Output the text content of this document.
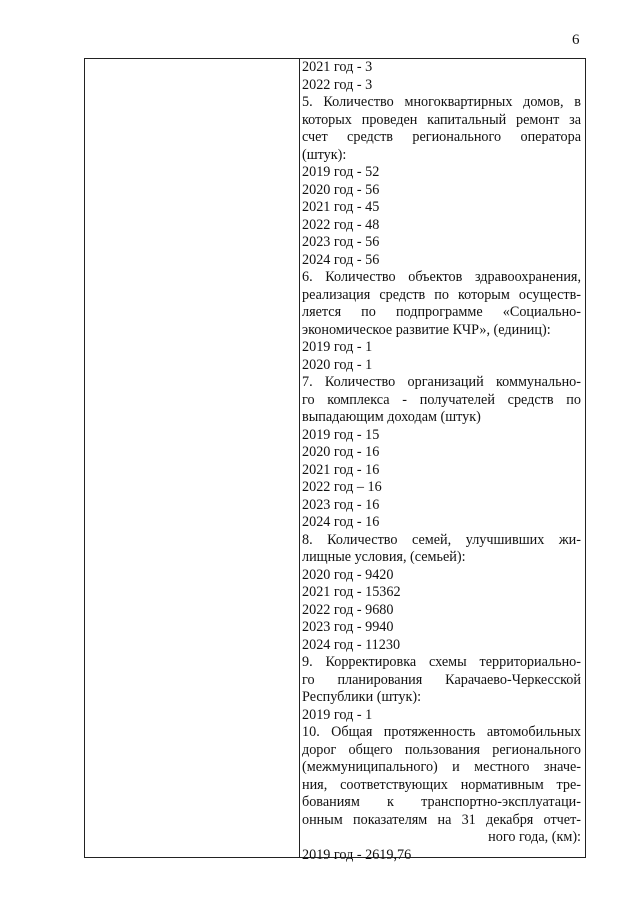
6
2021 год - 3
2022 год - 3
5. Количество многоквартирных домов, в
которых проведен капитальный ремонт за
счет средств регионального оператора
(штук):
2019 год - 52
2020 год - 56
2021 год - 45
2022 год - 48
2023 год - 56
2024 год - 56
6. Количество объектов здравоохранения,
реализация средств по которым осуществ-
ляется по подпрограмме «Социально-
экономическое развитие КЧР», (единиц):
2019 год - 1
2020 год - 1
7. Количество организаций коммунально-
го комплекса - получателей средств по
выпадающим доходам (штук)
2019 год - 15
2020 год - 16
2021 год - 16
2022 год – 16
2023 год - 16
2024 год - 16
8. Количество семей, улучшивших жи-
лищные условия, (семьей):
2020 год - 9420
2021 год - 15362
2022 год - 9680
2023 год - 9940
2024 год - 11230
9. Корректировка схемы территориально-
го планирования Карачаево-Черкесской
Республики (штук):
2019 год - 1
10. Общая протяженность автомобильных
дорог общего пользования регионального
(межмуниципального) и местного значе-
ния, соответствующих нормативным тре-
бованиям к транспортно-эксплуатаци-
онным показателям на 31 декабря отчет-
ного года, (км):
2019 год - 2619,76
